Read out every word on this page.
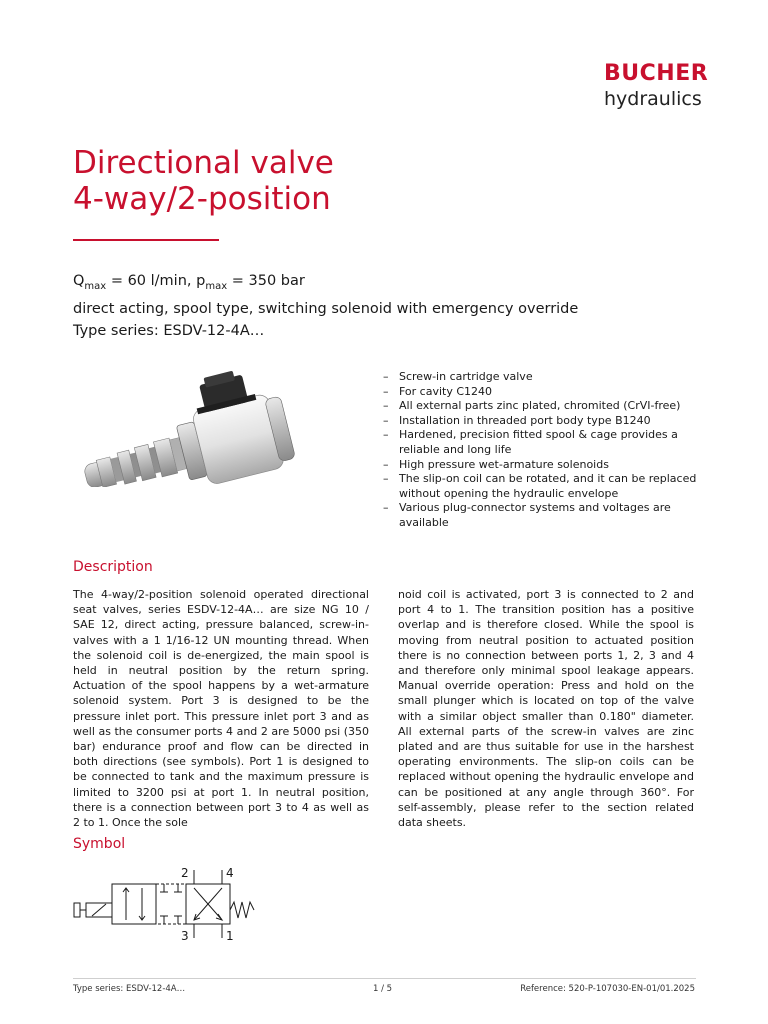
BUCHER
hydraulics
Directional valve
4-way/2-position
$Q_{max} = 60$ l/min, $p_{max} = 350$ bar
direct acting, spool type, switching solenoid with emergency override
Type series: ESDV-12-4A…
– Screw-in cartridge valve
– For cavity C1240
– All external parts zinc plated, chromited (CrVI-free)
– Installation in threaded port body type B1240
– Hardened, precision fitted spool & cage provides a reliable and long life
– High pressure wet-armature solenoids
– The slip-on coil can be rotated, and it can be replaced without opening the hydraulic envelope
– Various plug-connector systems and voltages are available
Description
The 4-way/2-position solenoid operated directional seat valves, series ESDV-12-4A… are size NG 10 / SAE 12, direct acting, pressure balanced, screw-in-valves with a 1 1/16-12 UN mounting thread. When the solenoid coil is de-energized, the main spool is held in neutral position by the return spring. Actuation of the spool happens by a wet-armature solenoid system. Port 3 is designed to be the pressure inlet port. This pressure inlet port 3 and as well as the consumer ports 4 and 2 are 5000 psi (350 bar) endurance proof and flow can be directed in both directions (see symbols). Port 1 is designed to be connected to tank and the maximum pressure is limited to 3200 psi at port 1. In neutral position, there is a connection between port 3 to 4 as well as 2 to 1. Once the sole
noid coil is activated, port 3 is connected to 2 and port 4 to 1. The transition position has a positive overlap and is therefore closed. While the spool is moving from neutral position to actuated position there is no connection between ports 1, 2, 3 and 4 and therefore only minimal spool leakage appears. Manual override operation: Press and hold on the small plunger which is located on top of the valve with a similar object smaller than 0.180" diameter. All external parts of the screw-in valves are zinc plated and are thus suitable for use in the harshest operating environments. The slip-on coils can be replaced without opening the hydraulic envelope and can be positioned at any angle through 360°. For self-assembly, please refer to the section related data sheets.
Symbol
2	4
3	1
Type series: ESDV-12-4A…	1 / 5	Reference: 520-P-107030-EN-01/01.2025
